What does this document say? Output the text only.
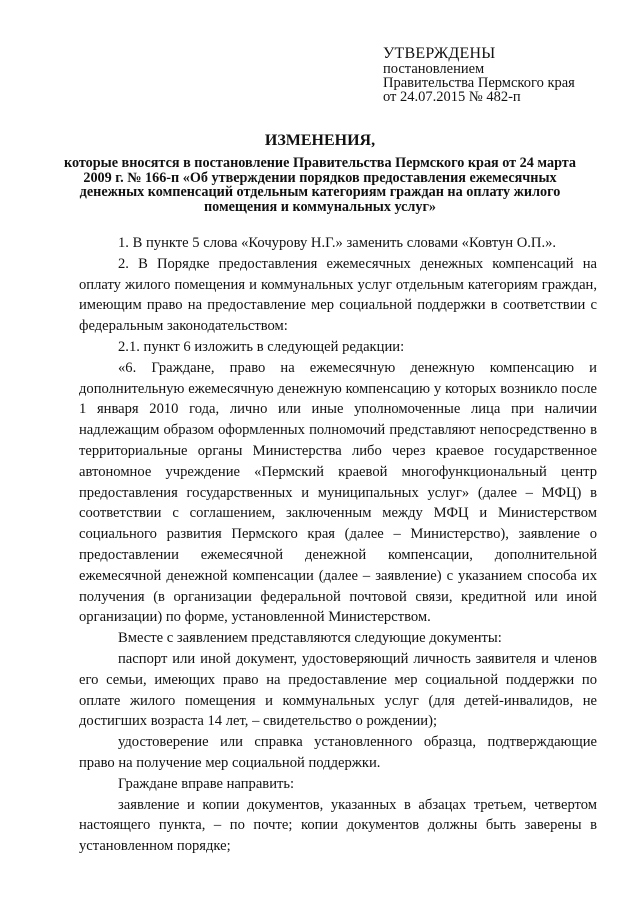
УТВЕРЖДЕНЫ
постановлением
Правительства Пермского края
от 24.07.2015 № 482-п
ИЗМЕНЕНИЯ,
которые вносятся в постановление Правительства Пермского края от 24 марта 2009 г. № 166-п «Об утверждении порядков предоставления ежемесячных денежных компенсаций отдельным категориям граждан на оплату жилого помещения и коммунальных услуг»

1. В пункте 5 слова «Кочурову Н.Г.» заменить словами «Ковтун О.П.».

2. В Порядке предоставления ежемесячных денежных компенсаций на оплату жилого помещения и коммунальных услуг отдельным категориям граждан, имеющим право на предоставление мер социальной поддержки в соответствии с федеральным законодательством:

2.1. пункт 6 изложить в следующей редакции:

«6. Граждане, право на ежемесячную денежную компенсацию и дополнительную ежемесячную денежную компенсацию у которых возникло после 1 января 2010 года, лично или иные уполномоченные лица при наличии надлежащим образом оформленных полномочий представляют непосредственно в территориальные органы Министерства либо через краевое государственное автономное учреждение «Пермский краевой многофункциональный центр предоставления государственных и муниципальных услуг» (далее – МФЦ) в соответствии с соглашением, заключенным между МФЦ и Министерством социального развития Пермского края (далее – Министерство), заявление о предоставлении ежемесячной денежной компенсации, дополнительной ежемесячной денежной компенсации (далее – заявление) с указанием способа их получения (в организации федеральной почтовой связи, кредитной или иной организации) по форме, установленной Министерством.

Вместе с заявлением представляются следующие документы:

паспорт или иной документ, удостоверяющий личность заявителя и членов его семьи, имеющих право на предоставление мер социальной поддержки по оплате жилого помещения и коммунальных услуг (для детей-инвалидов, не достигших возраста 14 лет, – свидетельство о рождении);

удостоверение или справка установленного образца, подтверждающие право на получение мер социальной поддержки.

Граждане вправе направить:

заявление и копии документов, указанных в абзацах третьем, четвертом настоящего пункта, – по почте; копии документов должны быть заверены в установленном порядке;
